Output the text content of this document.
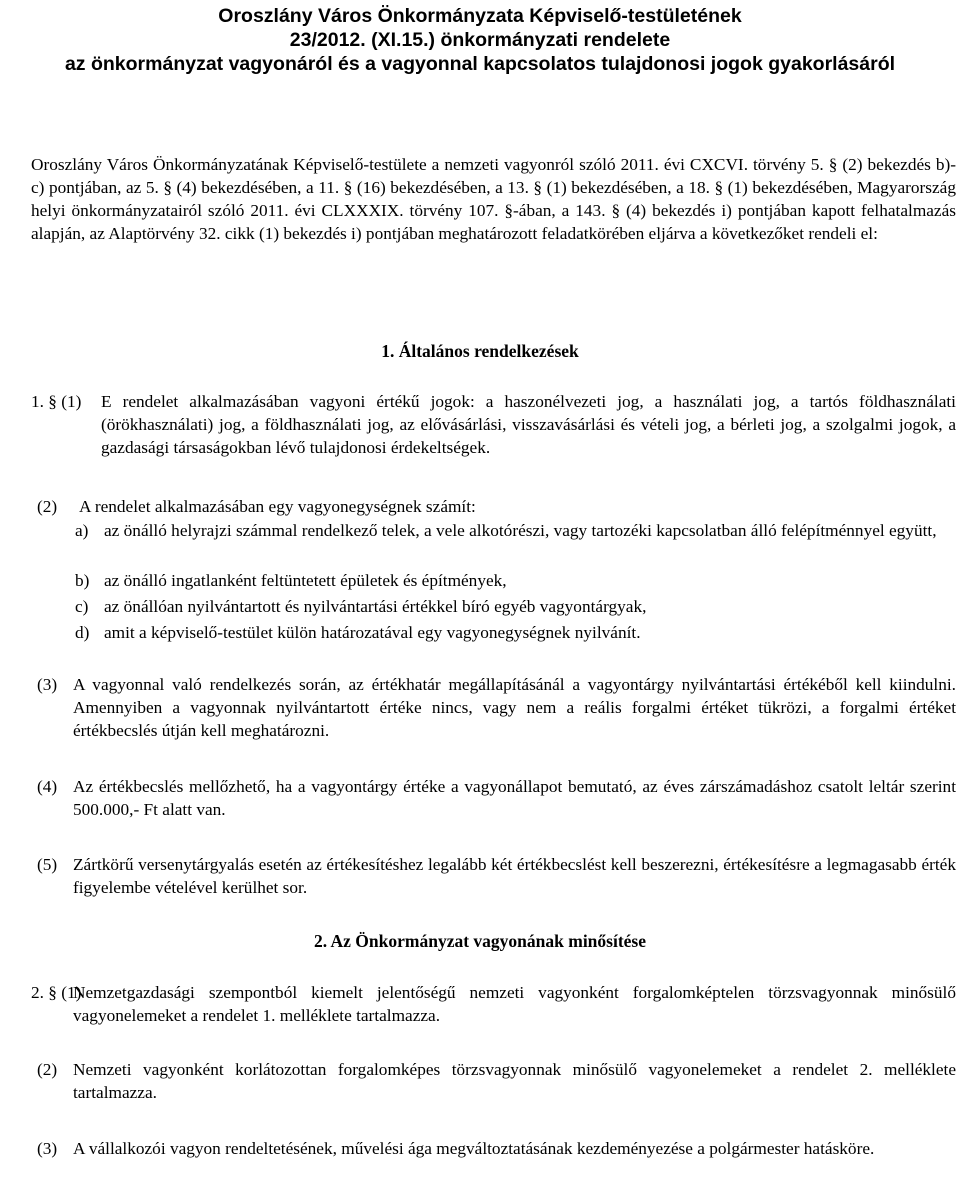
Oroszlány Város Önkormányzata Képviselő-testületének

23/2012. (XI.15.) önkormányzati rendelete

az önkormányzat vagyonáról és a vagyonnal kapcsolatos tulajdonosi jogok gyakorlásáról

Oroszlány Város Önkormányzatának Képviselő-testülete a nemzeti vagyonról szóló 2011. évi CXCVI. törvény 5. § (2) bekezdés b)-c) pontjában, az 5. § (4) bekezdésében, a 11. § (16) bekezdésében, a 13. § (1) bekezdésében, a 18. § (1) bekezdésében, Magyarország helyi önkormányzatairól szóló 2011. évi CLXXXIX. törvény 107. §-ában, a 143. § (4) bekezdés i) pontjában kapott felhatalmazás alapján, az Alaptörvény 32. cikk (1) bekezdés i) pontjában meghatározott feladatkörében eljárva a következőket rendeli el:

1. Általános rendelkezések

1. § (1) E rendelet alkalmazásában vagyoni értékű jogok: a haszonélvezeti jog, a használati jog, a tartós földhasználati (örökhasználati) jog, a földhasználati jog, az elővásárlási, visszavásárlási és vételi jog, a bérleti jog, a szolgalmi jogok, a gazdasági társaságokban lévő tulajdonosi érdekeltségek.

(2) A rendelet alkalmazásában egy vagyonegységnek számít:

a) az önálló helyrajzi számmal rendelkező telek, a vele alkotórészi, vagy tartozéki kapcsolatban álló felépítménnyel együtt,

b) az önálló ingatlanként feltüntetett épületek és építmények,

c) az önállóan nyilvántartott és nyilvántartási értékkel bíró egyéb vagyontárgyak,

d) amit a képviselő-testület külön határozatával egy vagyonegységnek nyilvánít.

(3) A vagyonnal való rendelkezés során, az értékhatár megállapításánál a vagyontárgy nyilvántartási értékéből kell kiindulni. Amennyiben a vagyonnak nyilvántartott értéke nincs, vagy nem a reális forgalmi értéket tükrözi, a forgalmi értéket értékbecslés útján kell meghatározni.

(4) Az értékbecslés mellőzhető, ha a vagyontárgy értéke a vagyonállapot bemutató, az éves zárszámadáshoz csatolt leltár szerint 500.000,- Ft alatt van.

(5) Zártkörű versenytárgyalás esetén az értékesítéshez legalább két értékbecslést kell beszerezni, értékesítésre a legmagasabb érték figyelembe vételével kerülhet sor.

2. Az Önkormányzat vagyonának minősítése

2. § (1)

Nemzetgazdasági szempontból kiemelt jelentőségű nemzeti vagyonként forgalomképtelen törzsvagyonnak minősülő vagyonelemeket a rendelet 1. melléklete tartalmazza.

(2) Nemzeti vagyonként korlátozottan forgalomképes törzsvagyonnak minősülő vagyonelemeket a rendelet 2. melléklete tartalmazza.

(3) A vállalkozói vagyon rendeltetésének, művelési ága megváltoztatásának kezdeményezése a polgármester hatásköre.
